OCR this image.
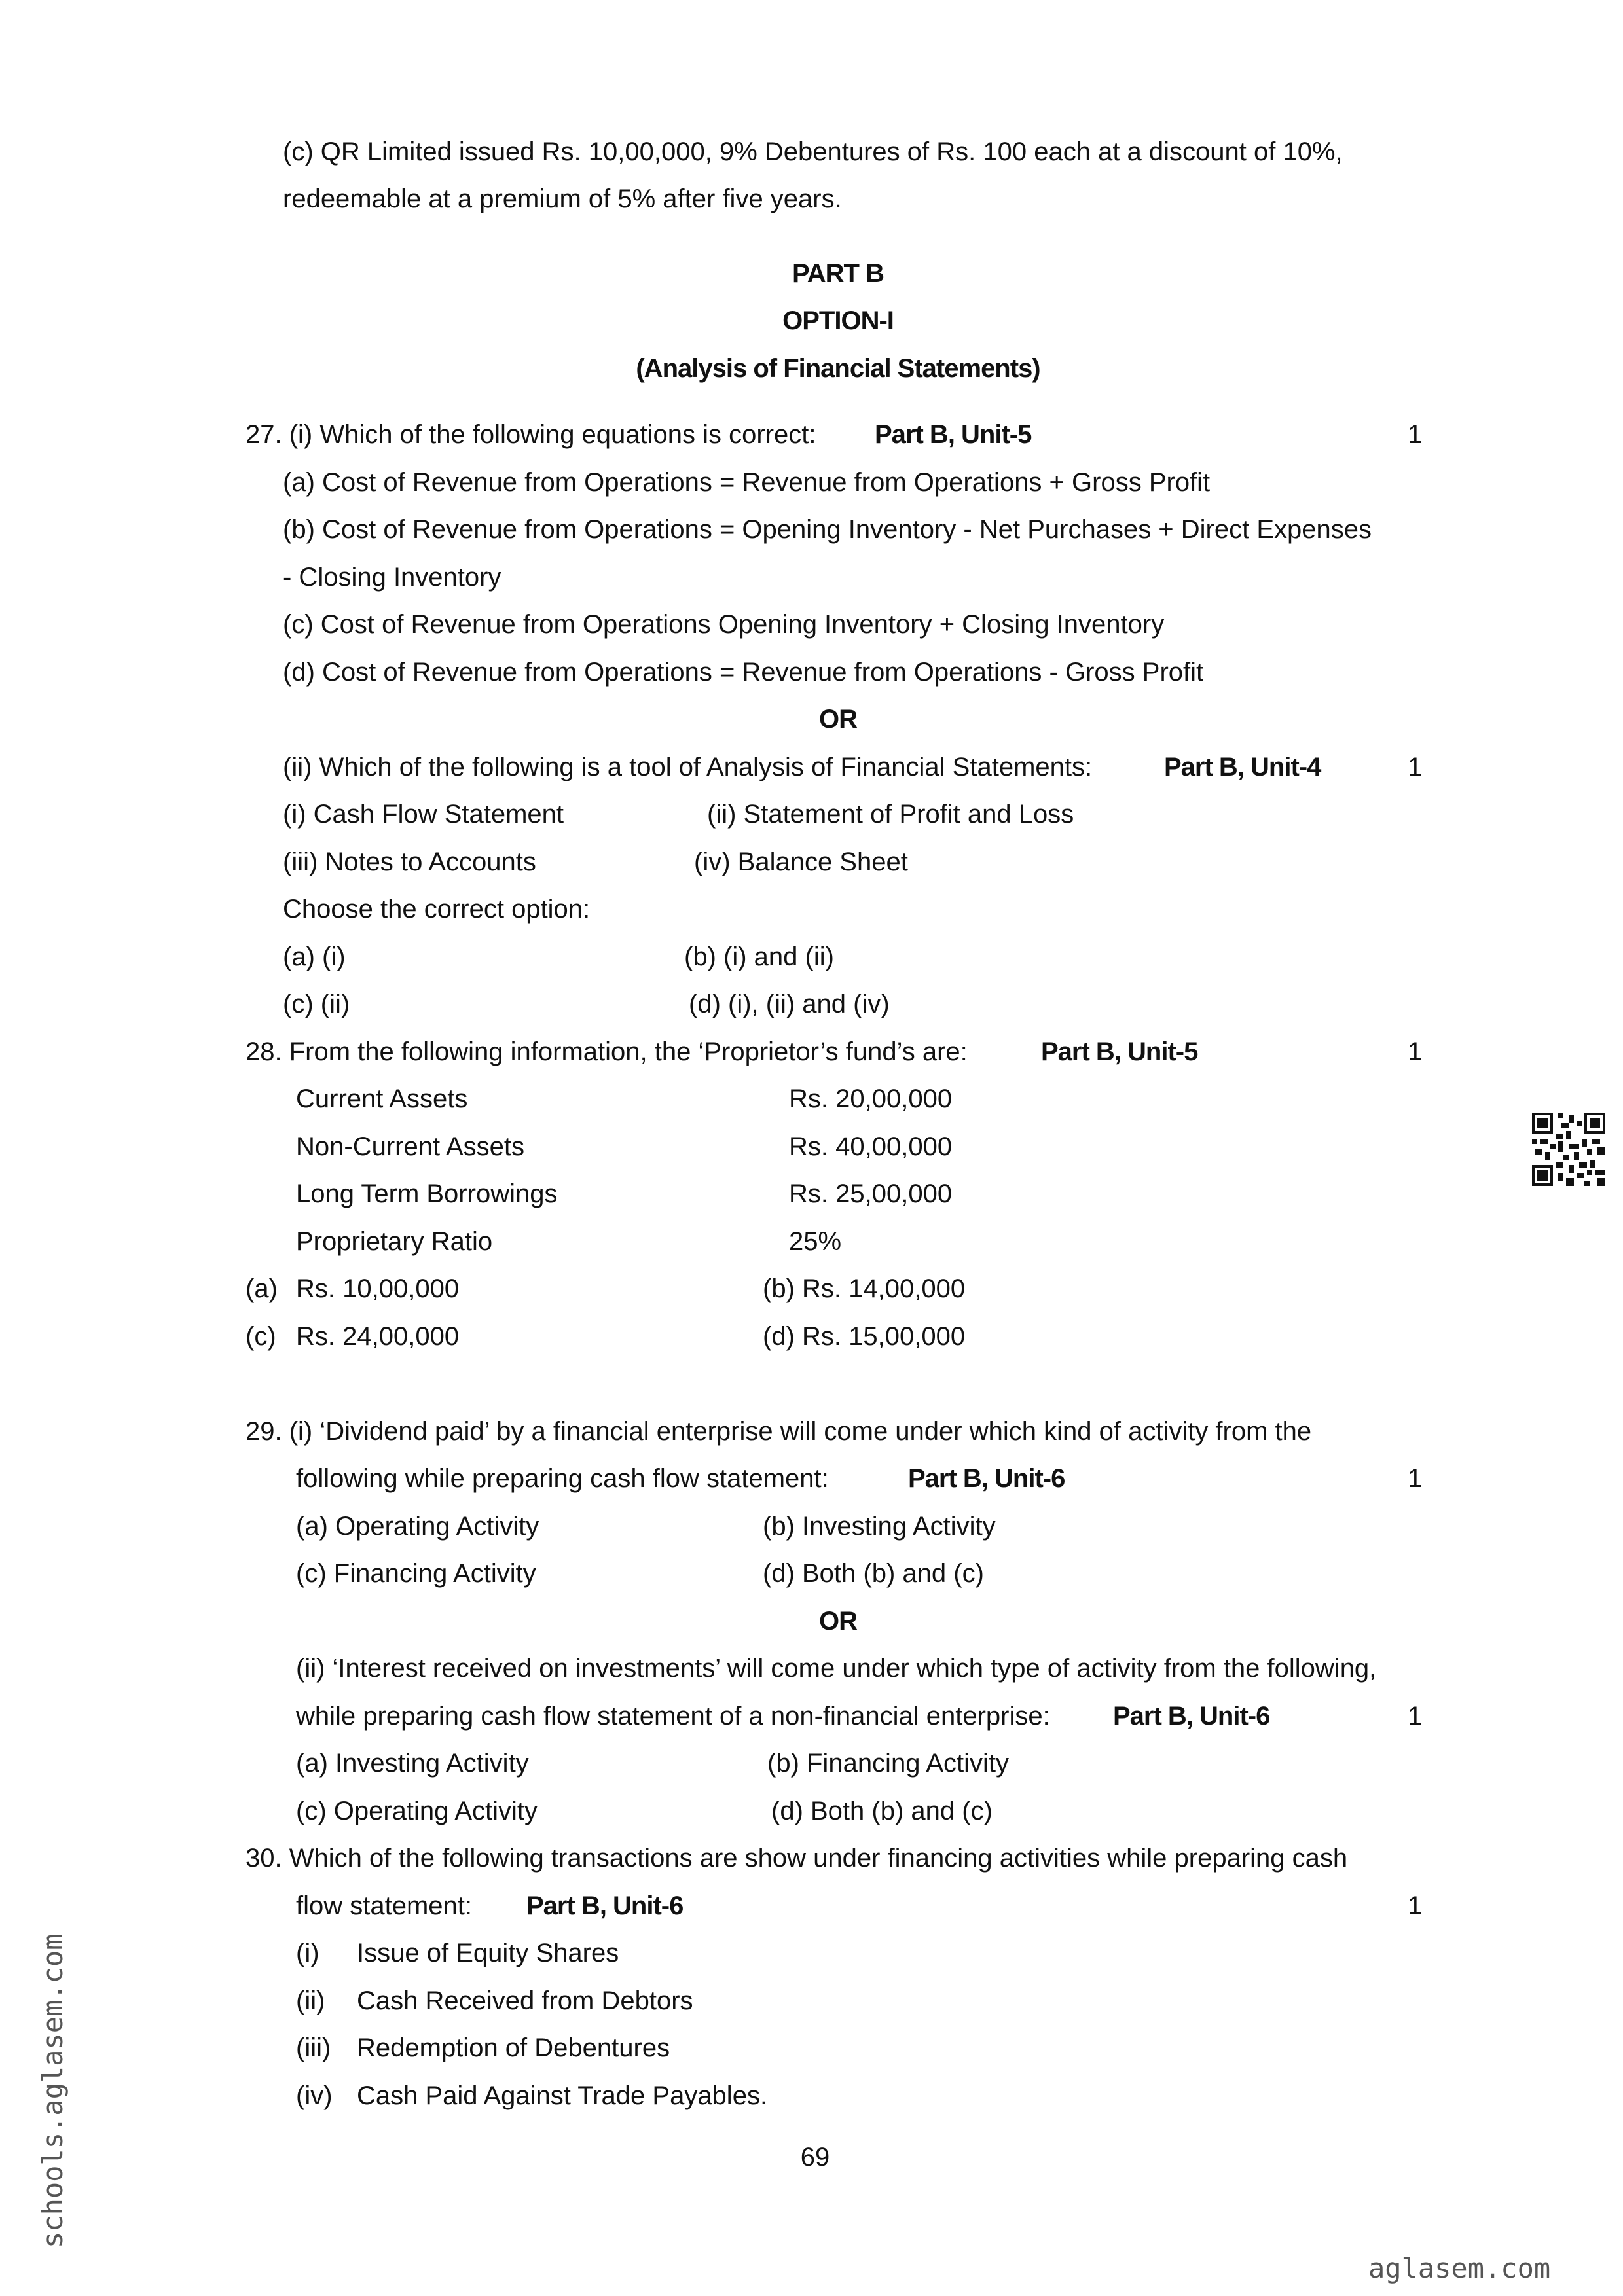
(c) QR Limited issued Rs. 10,00,000, 9% Debentures of Rs. 100 each at a discount of 10%,
redeemable at a premium of 5% after five years.
PART B
OPTION-I
(Analysis of Financial Statements)
27. (i) Which of the following equations is correct: Part B, Unit-5	1
(a) Cost of Revenue from Operations = Revenue from Operations + Gross Profit
(b) Cost of Revenue from Operations = Opening Inventory - Net Purchases + Direct Expenses
- Closing Inventory
(c) Cost of Revenue from Operations Opening Inventory + Closing Inventory
(d) Cost of Revenue from Operations = Revenue from Operations - Gross Profit
OR
(ii) Which of the following is a tool of Analysis of Financial Statements:	Part B, Unit-4	1
(i) Cash Flow Statement	(ii) Statement of Profit and Loss
(iii) Notes to Accounts	(iv) Balance Sheet
Choose the correct option:
(a) (i)	(b) (i) and (ii)
(c) (ii)	(d) (i), (ii) and (iv)
28. From the following information, the ‘Proprietor’s fund’s are:	Part B, Unit-5	1
Current Assets	Rs. 20,00,000
Non-Current Assets	Rs. 40,00,000
Long Term Borrowings	Rs. 25,00,000
Proprietary Ratio	25%
(a) Rs. 10,00,000	(b) Rs. 14,00,000
(c) Rs. 24,00,000	(d) Rs. 15,00,000
29. (i) ‘Dividend paid’ by a financial enterprise will come under which kind of activity from the
following while preparing cash flow statement:	Part B, Unit-6	1
(a) Operating Activity	(b) Investing Activity
(c) Financing Activity	(d) Both (b) and (c)
OR
(ii) ‘Interest received on investments’ will come under which type of activity from the following,
while preparing cash flow statement of a non-financial enterprise: Part B, Unit-6	1
(a) Investing Activity	(b) Financing Activity
(c) Operating Activity	(d) Both (b) and (c)
30. Which of the following transactions are show under financing activities while preparing cash
flow statement: Part B, Unit-6	1
(i) Issue of Equity Shares
(ii) Cash Received from Debtors
(iii) Redemption of Debentures
(iv) Cash Paid Against Trade Payables.
69
schools.aglasem.com
aglasem.com
